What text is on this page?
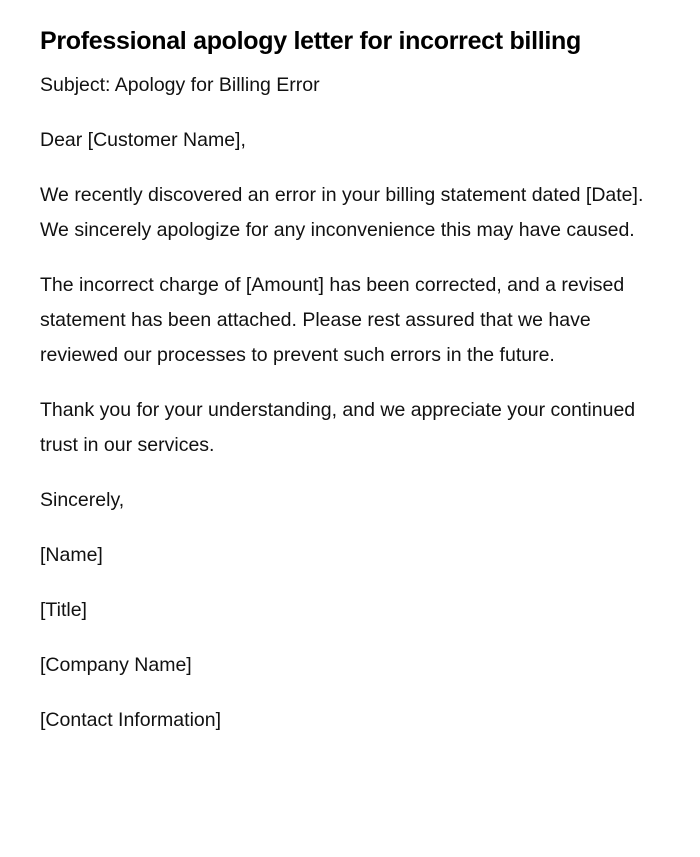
Professional apology letter for incorrect billing

Subject: Apology for Billing Error

Dear [Customer Name],

We recently discovered an error in your billing statement dated [Date]. We sincerely apologize for any inconvenience this may have caused.

The incorrect charge of [Amount] has been corrected, and a revised statement has been attached. Please rest assured that we have reviewed our processes to prevent such errors in the future.

Thank you for your understanding, and we appreciate your continued trust in our services.

Sincerely,

[Name]

[Title]

[Company Name]

[Contact Information]
